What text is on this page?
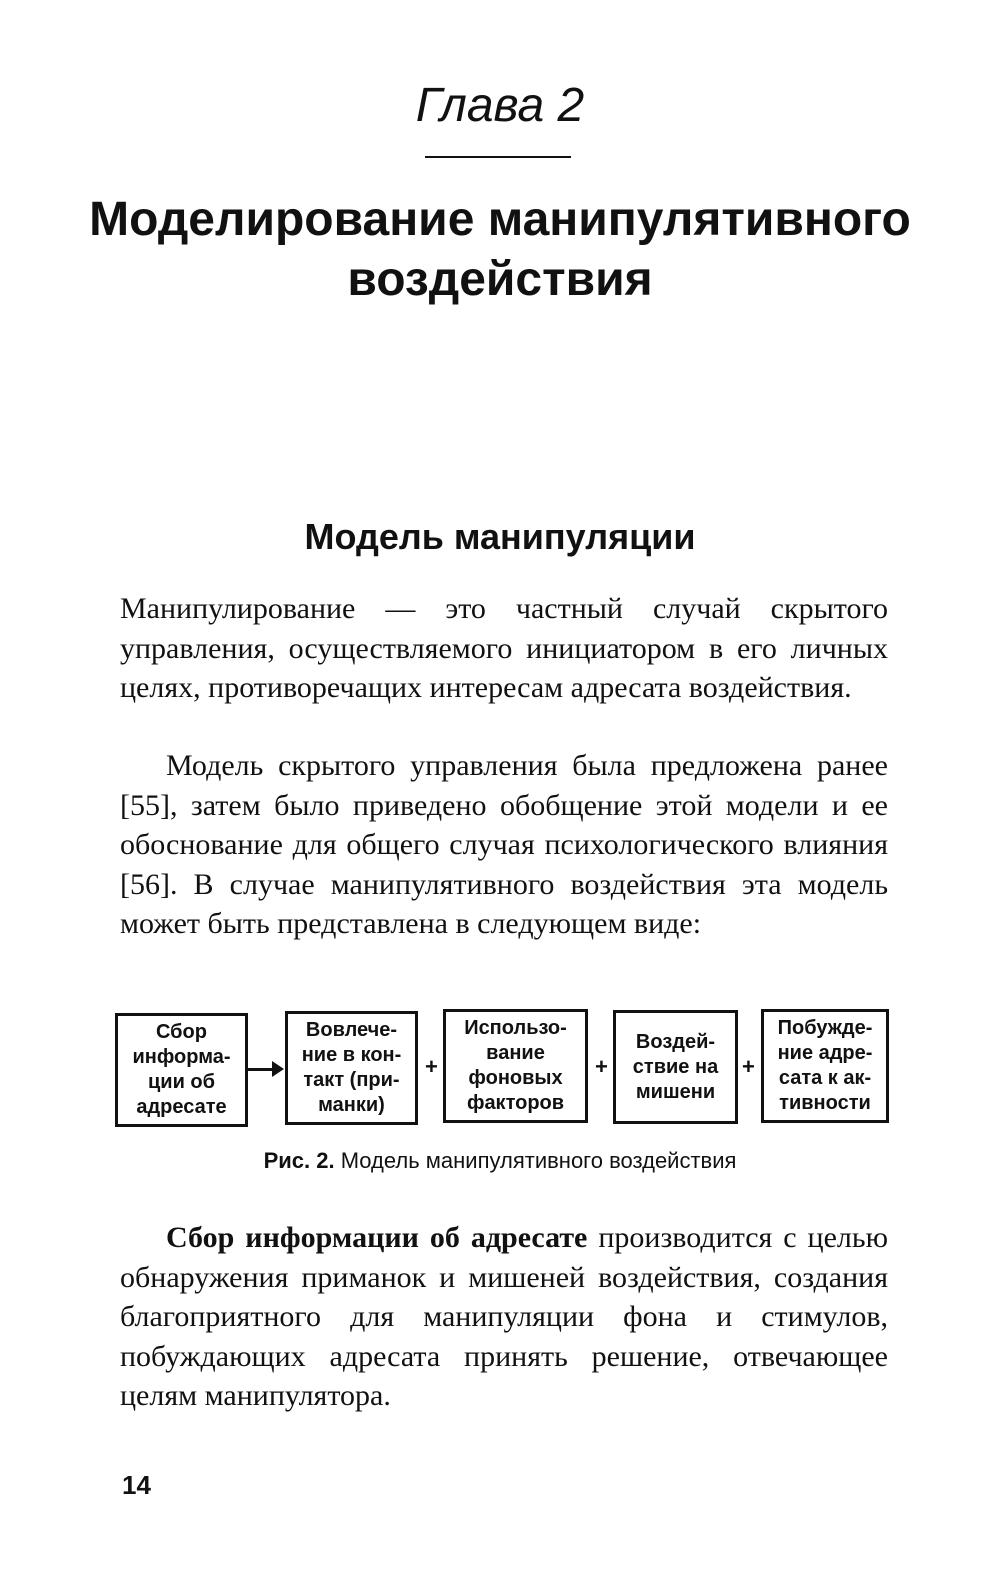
Глава 2
Моделирование манипулятивного воздействия
Модель манипуляции

Манипулирование — это частный случай скрытого управления, осуществляемого инициатором в его личных целях, противоречащих интересам адресата воздействия.

Модель скрытого управления была предложена ранее [55], затем было приведено обобщение этой модели и ее обоснование для общего случая психологического влияния [56]. В случае манипулятивного воздействия эта модель может быть представлена в следующем виде:

Сбор
информа-
ции об
адресате
Вовлече-
ние в кон-
такт (при-
манки)
+
Использо-
вание
фоновых
факторов
+
Воздей-
ствие на
мишени
+
Побужде-
ние адре-
сата к ак-
тивности
Рис. 2. Модель манипулятивного воздействия

Сбор информации об адресате производится с целью обнаружения приманок и мишеней воздействия, создания благоприятного для манипуляции фона и стимулов, побуждающих адресата принять решение, отвечающее целям манипулятора.

14
